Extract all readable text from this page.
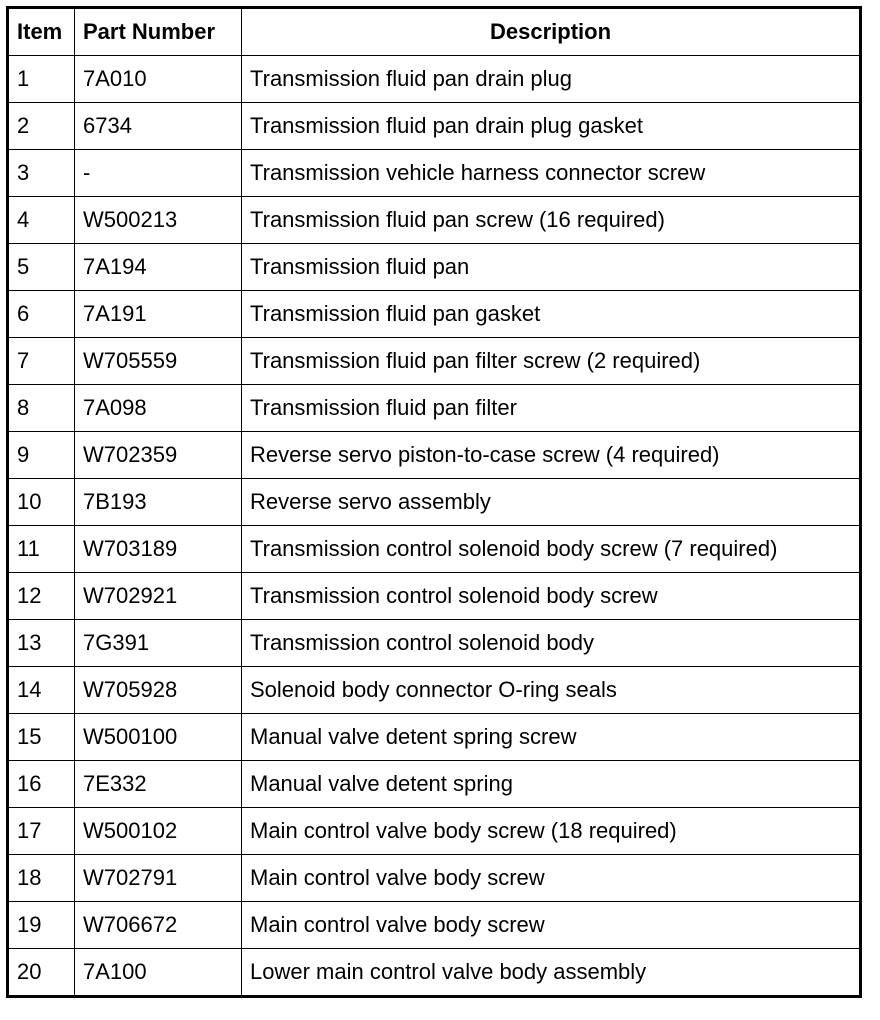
Item	Part Number	Description
1	7A010	Transmission fluid pan drain plug
2	6734	Transmission fluid pan drain plug gasket
3	-	Transmission vehicle harness connector screw
4	W500213	Transmission fluid pan screw (16 required)
5	7A194	Transmission fluid pan
6	7A191	Transmission fluid pan gasket
7	W705559	Transmission fluid pan filter screw (2 required)
8	7A098	Transmission fluid pan filter
9	W702359	Reverse servo piston-to-case screw (4 required)
10	7B193	Reverse servo assembly
11	W703189	Transmission control solenoid body screw (7 required)
12	W702921	Transmission control solenoid body screw
13	7G391	Transmission control solenoid body
14	W705928	Solenoid body connector O-ring seals
15	W500100	Manual valve detent spring screw
16	7E332	Manual valve detent spring
17	W500102	Main control valve body screw (18 required)
18	W702791	Main control valve body screw
19	W706672	Main control valve body screw
20	7A100	Lower main control valve body assembly
